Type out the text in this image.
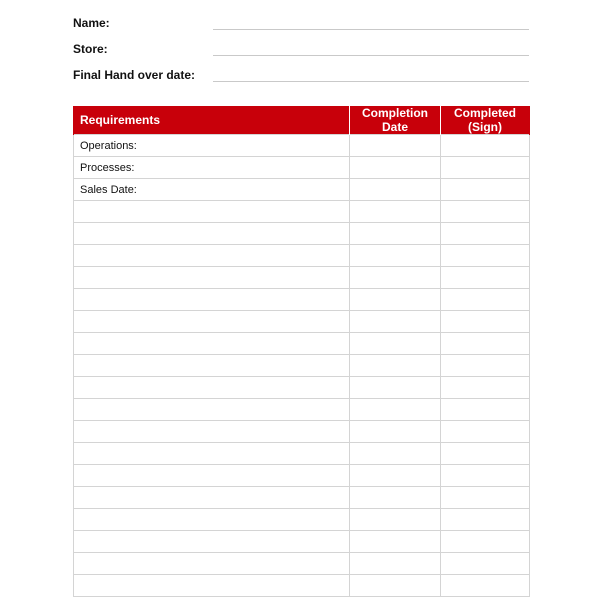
Name:
Store:
Final Hand over date:
Requirements	Completion Date	Completed (Sign)
Operations:		
Processes:		
Sales Date:		
